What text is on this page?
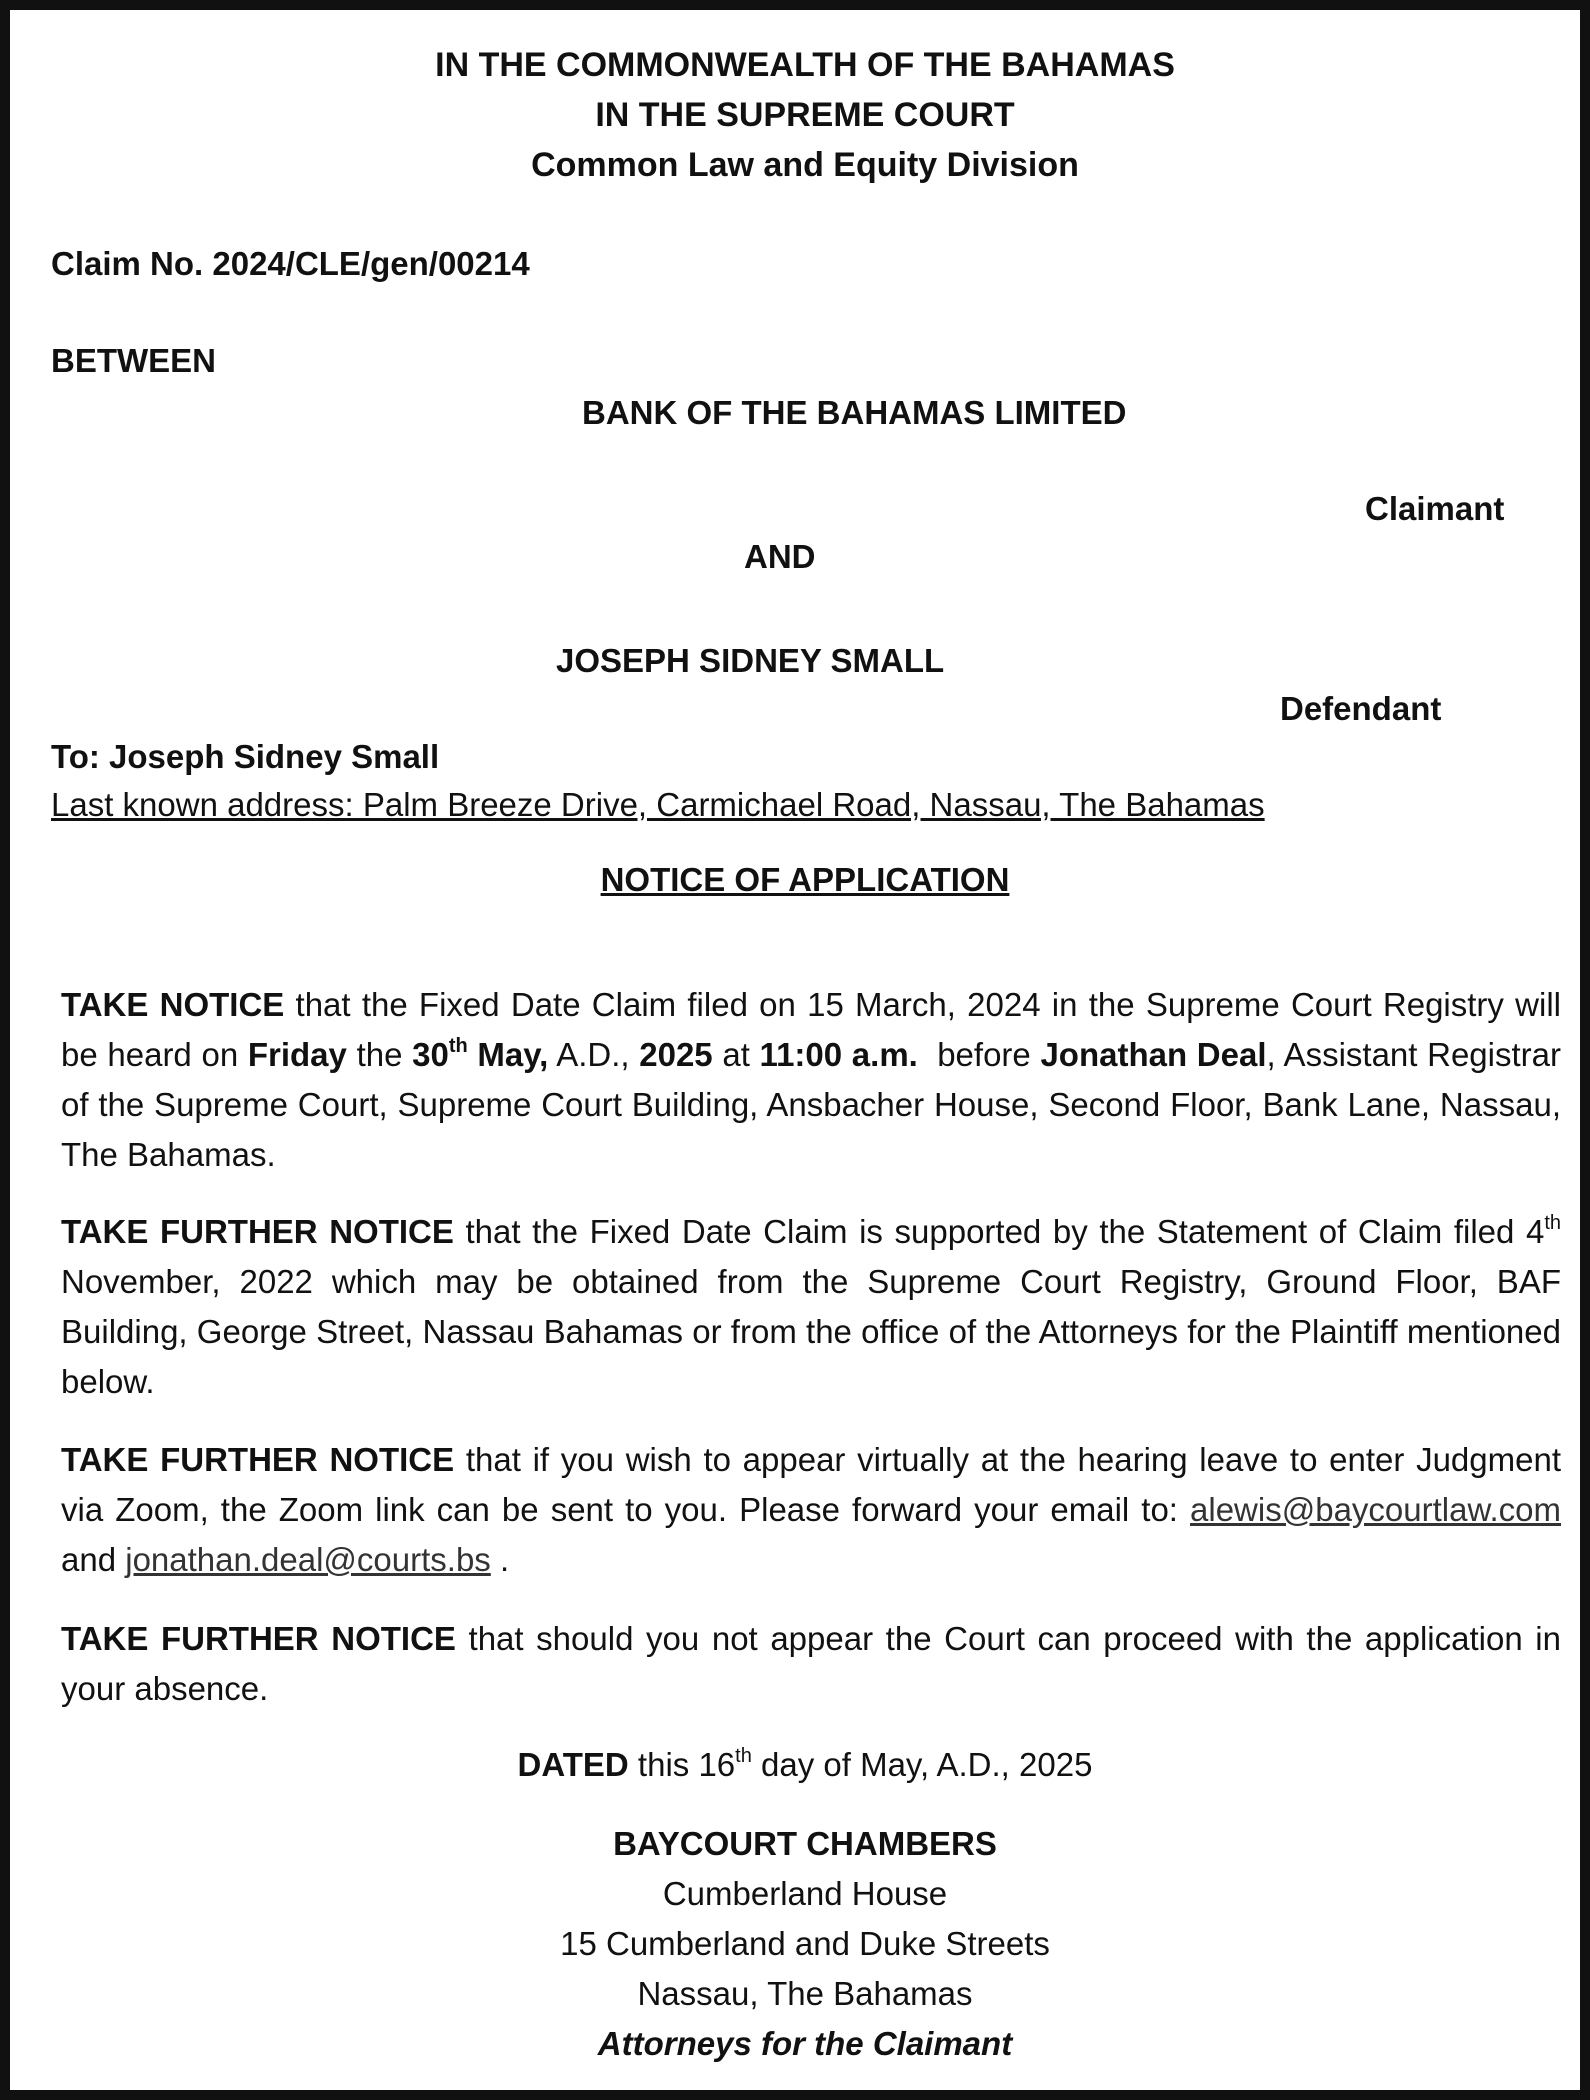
IN THE COMMONWEALTH OF THE BAHAMAS
IN THE SUPREME COURT
Common Law and Equity Division
Claim No. 2024/CLE/gen/00214
BETWEEN
BANK OF THE BAHAMAS LIMITED
Claimant
AND
JOSEPH SIDNEY SMALL
Defendant
To: Joseph Sidney Small
Last known address: Palm Breeze Drive, Carmichael Road, Nassau, The Bahamas
NOTICE OF APPLICATION
TAKE NOTICE that the Fixed Date Claim filed on 15 March, 2024 in the Supreme Court Registry will be heard on Friday the 30th May, A.D., 2025 at 11:00 a.m.  before Jonathan Deal, Assistant Registrar of the Supreme Court, Supreme Court Building, Ansbacher House, Second Floor, Bank Lane, Nassau, The Bahamas.
TAKE FURTHER NOTICE that the Fixed Date Claim is supported by the Statement of Claim filed 4th November, 2022 which may be obtained from the Supreme Court Registry, Ground Floor, BAF Building, George Street, Nassau Bahamas or from the office of the Attorneys for the Plaintiff mentioned below.
TAKE FURTHER NOTICE that if you wish to appear virtually at the hearing leave to enter Judgment via Zoom, the Zoom link can be sent to you. Please forward your email to: alewis@baycourtlaw.com and jonathan.deal@courts.bs .
TAKE FURTHER NOTICE that should you not appear the Court can proceed with the application in your absence.
DATED this 16th day of May, A.D., 2025
BAYCOURT CHAMBERS
Cumberland House
15 Cumberland and Duke Streets
Nassau, The Bahamas
Attorneys for the Claimant
